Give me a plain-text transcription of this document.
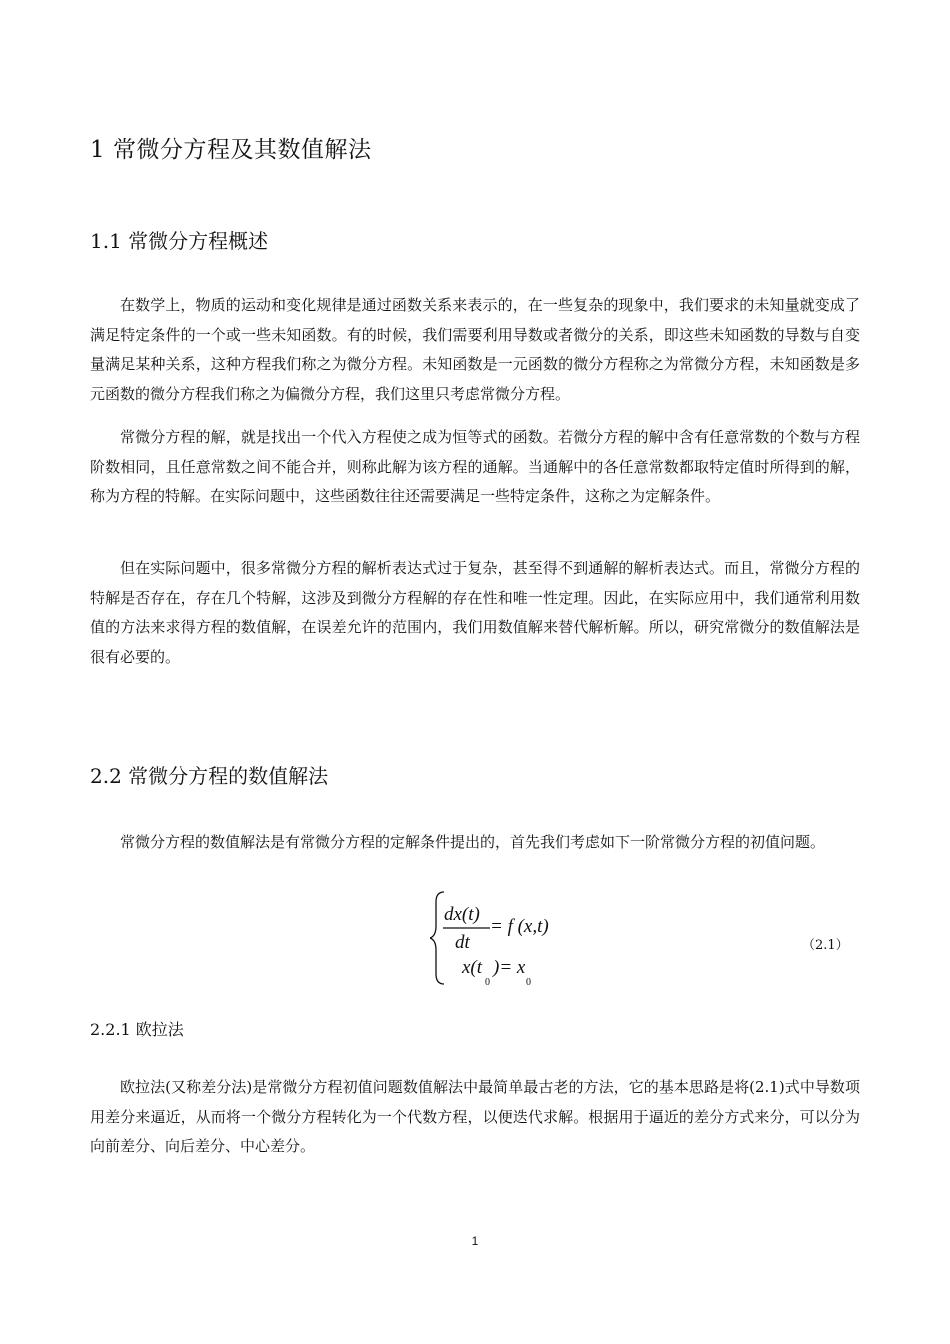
1 常微分方程及其数值解法
1.1 常微分方程概述

在数学上，物质的运动和变化规律是通过函数关系来表示的，在一些复杂的现象中，我们要求的未知量就变成了满足特定条件的一个或一些未知函数。有的时候，我们需要利用导数或者微分的关系，即这些未知函数的导数与自变量满足某种关系，这种方程我们称之为微分方程。未知函数是一元函数的微分方程称之为常微分方程，未知函数是多元函数的微分方程我们称之为偏微分方程，我们这里只考虑常微分方程。

常微分方程的解，就是找出一个代入方程使之成为恒等式的函数。若微分方程的解中含有任意常数的个数与方程阶数相同，且任意常数之间不能合并，则称此解为该方程的通解。当通解中的各任意常数都取特定值时所得到的解，称为方程的特解。在实际问题中，这些函数往往还需要满足一些特定条件，这称之为定解条件。

但在实际问题中，很多常微分方程的解析表达式过于复杂，甚至得不到通解的解析表达式。而且，常微分方程的特解是否存在，存在几个特解，这涉及到微分方程解的存在性和唯一性定理。因此，在实际应用中，我们通常利用数值的方法来求得方程的数值解，在误差允许的范围内，我们用数值解来替代解析解。所以，研究常微分的数值解法是很有必要的。

2.2 常微分方程的数值解法

常微分方程的数值解法是有常微分方程的定解条件提出的，首先我们考虑如下一阶常微分方程的初值问题。

dx(t)
dt
= f (x,t)
x(t
0
)= x
0
（2.1）
2.2.1 欧拉法

欧拉法(又称差分法)是常微分方程初值问题数值解法中最简单最古老的方法，它的基本思路是将(2.1)式中导数项用差分来逼近，从而将一个微分方程转化为一个代数方程，以便迭代求解。根据用于逼近的差分方式来分，可以分为向前差分、向后差分、中心差分。

1
